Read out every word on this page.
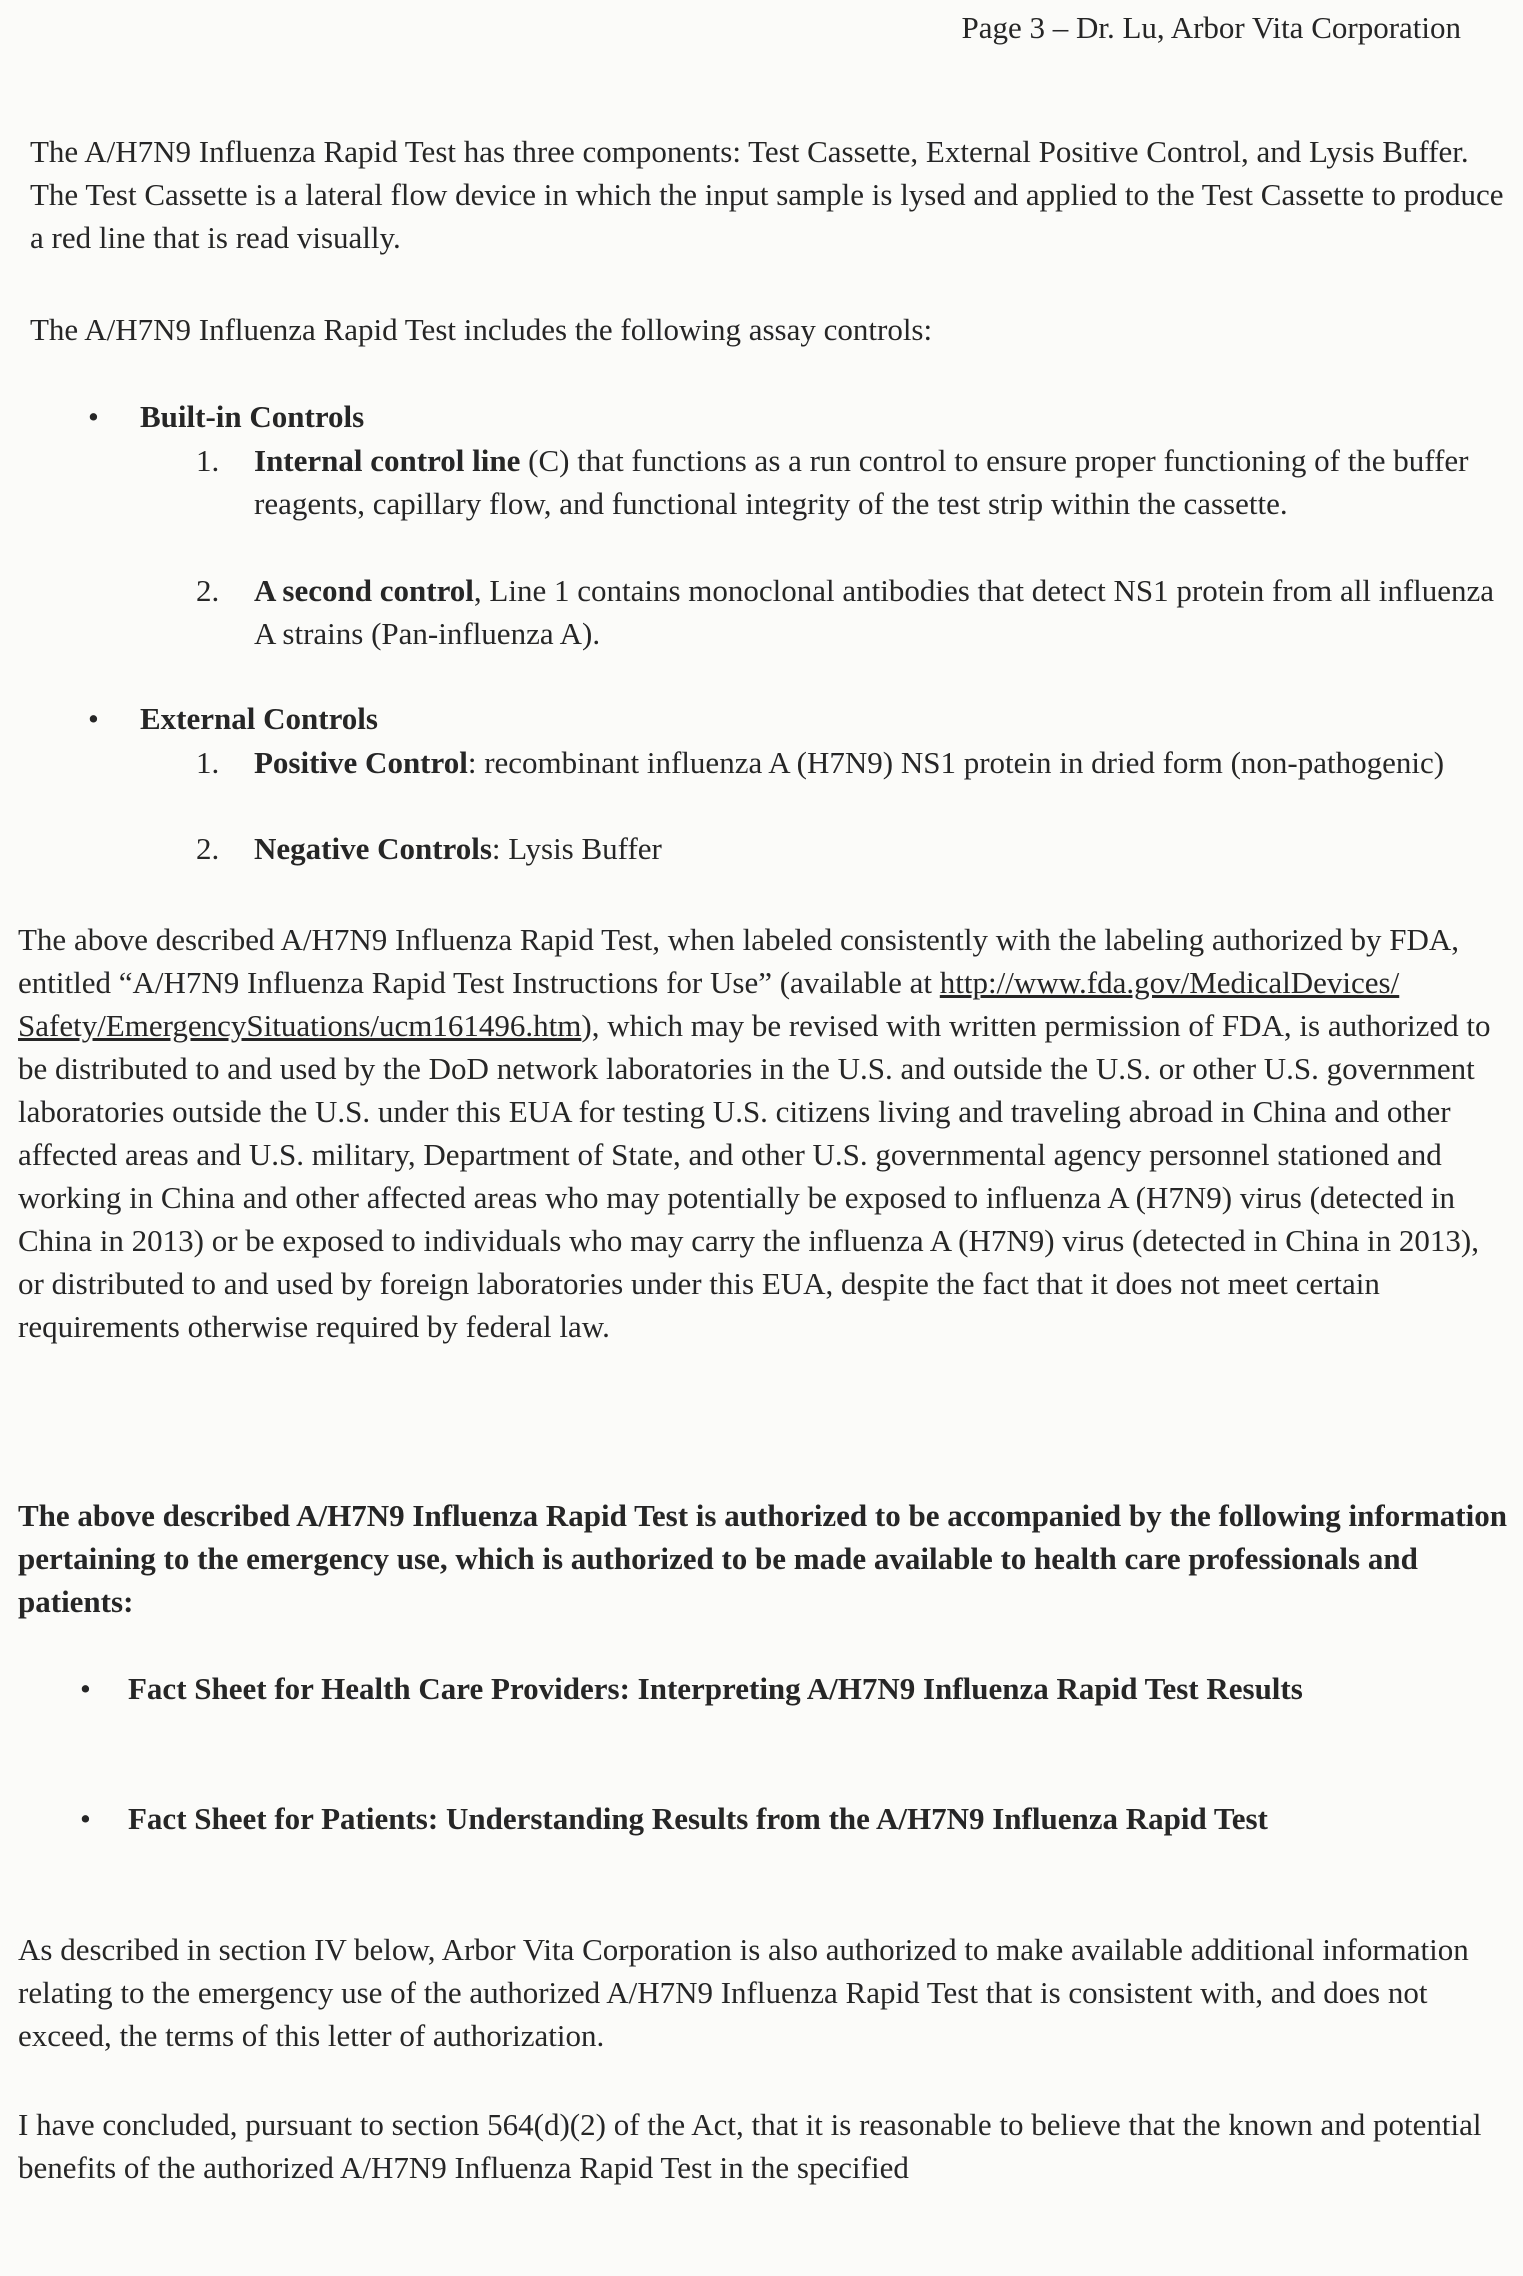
Page 3 – Dr. Lu, Arbor Vita Corporation

The A/H7N9 Influenza Rapid Test has three components: Test Cassette, External Positive Control, and Lysis Buffer. The Test Cassette is a lateral flow device in which the input sample is lysed and applied to the Test Cassette to produce a red line that is read visually.

The A/H7N9 Influenza Rapid Test includes the following assay controls:

• Built-in Controls
1.	Internal control line (C) that functions as a run control to ensure proper functioning of the buffer reagents, capillary flow, and functional integrity of the test strip within the cassette.
2.	A second control, Line 1 contains monoclonal antibodies that detect NS1 protein from all influenza A strains (Pan-influenza A).
• External Controls
1.	Positive Control: recombinant influenza A (H7N9) NS1 protein in dried form (non-pathogenic)
2.	Negative Controls: Lysis Buffer

The above described A/H7N9 Influenza Rapid Test, when labeled consistently with the labeling authorized by FDA, entitled “A/H7N9 Influenza Rapid Test Instructions for Use” (available at http://www.fda.gov/MedicalDevices/ Safety/EmergencySituations/ucm161496.htm), which may be revised with written permission of FDA, is authorized to be distributed to and used by the DoD network laboratories in the U.S. and outside the U.S. or other U.S. government laboratories outside the U.S. under this EUA for testing U.S. citizens living and traveling abroad in China and other affected areas and U.S. military, Department of State, and other U.S. governmental agency personnel stationed and working in China and other affected areas who may potentially be exposed to influenza A (H7N9) virus (detected in China in 2013) or be exposed to individuals who may carry the influenza A (H7N9) virus (detected in China in 2013), or distributed to and used by foreign laboratories under this EUA, despite the fact that it does not meet certain requirements otherwise required by federal law.

The above described A/H7N9 Influenza Rapid Test is authorized to be accompanied by the following information pertaining to the emergency use, which is authorized to be made available to health care professionals and patients:

•	Fact Sheet for Health Care Providers: Interpreting A/H7N9 Influenza Rapid Test Results
•	Fact Sheet for Patients: Understanding Results from the A/H7N9 Influenza Rapid Test

As described in section IV below, Arbor Vita Corporation is also authorized to make available additional information relating to the emergency use of the authorized A/H7N9 Influenza Rapid Test that is consistent with, and does not exceed, the terms of this letter of authorization.

I have concluded, pursuant to section 564(d)(2) of the Act, that it is reasonable to believe that the known and potential benefits of the authorized A/H7N9 Influenza Rapid Test in the specified
